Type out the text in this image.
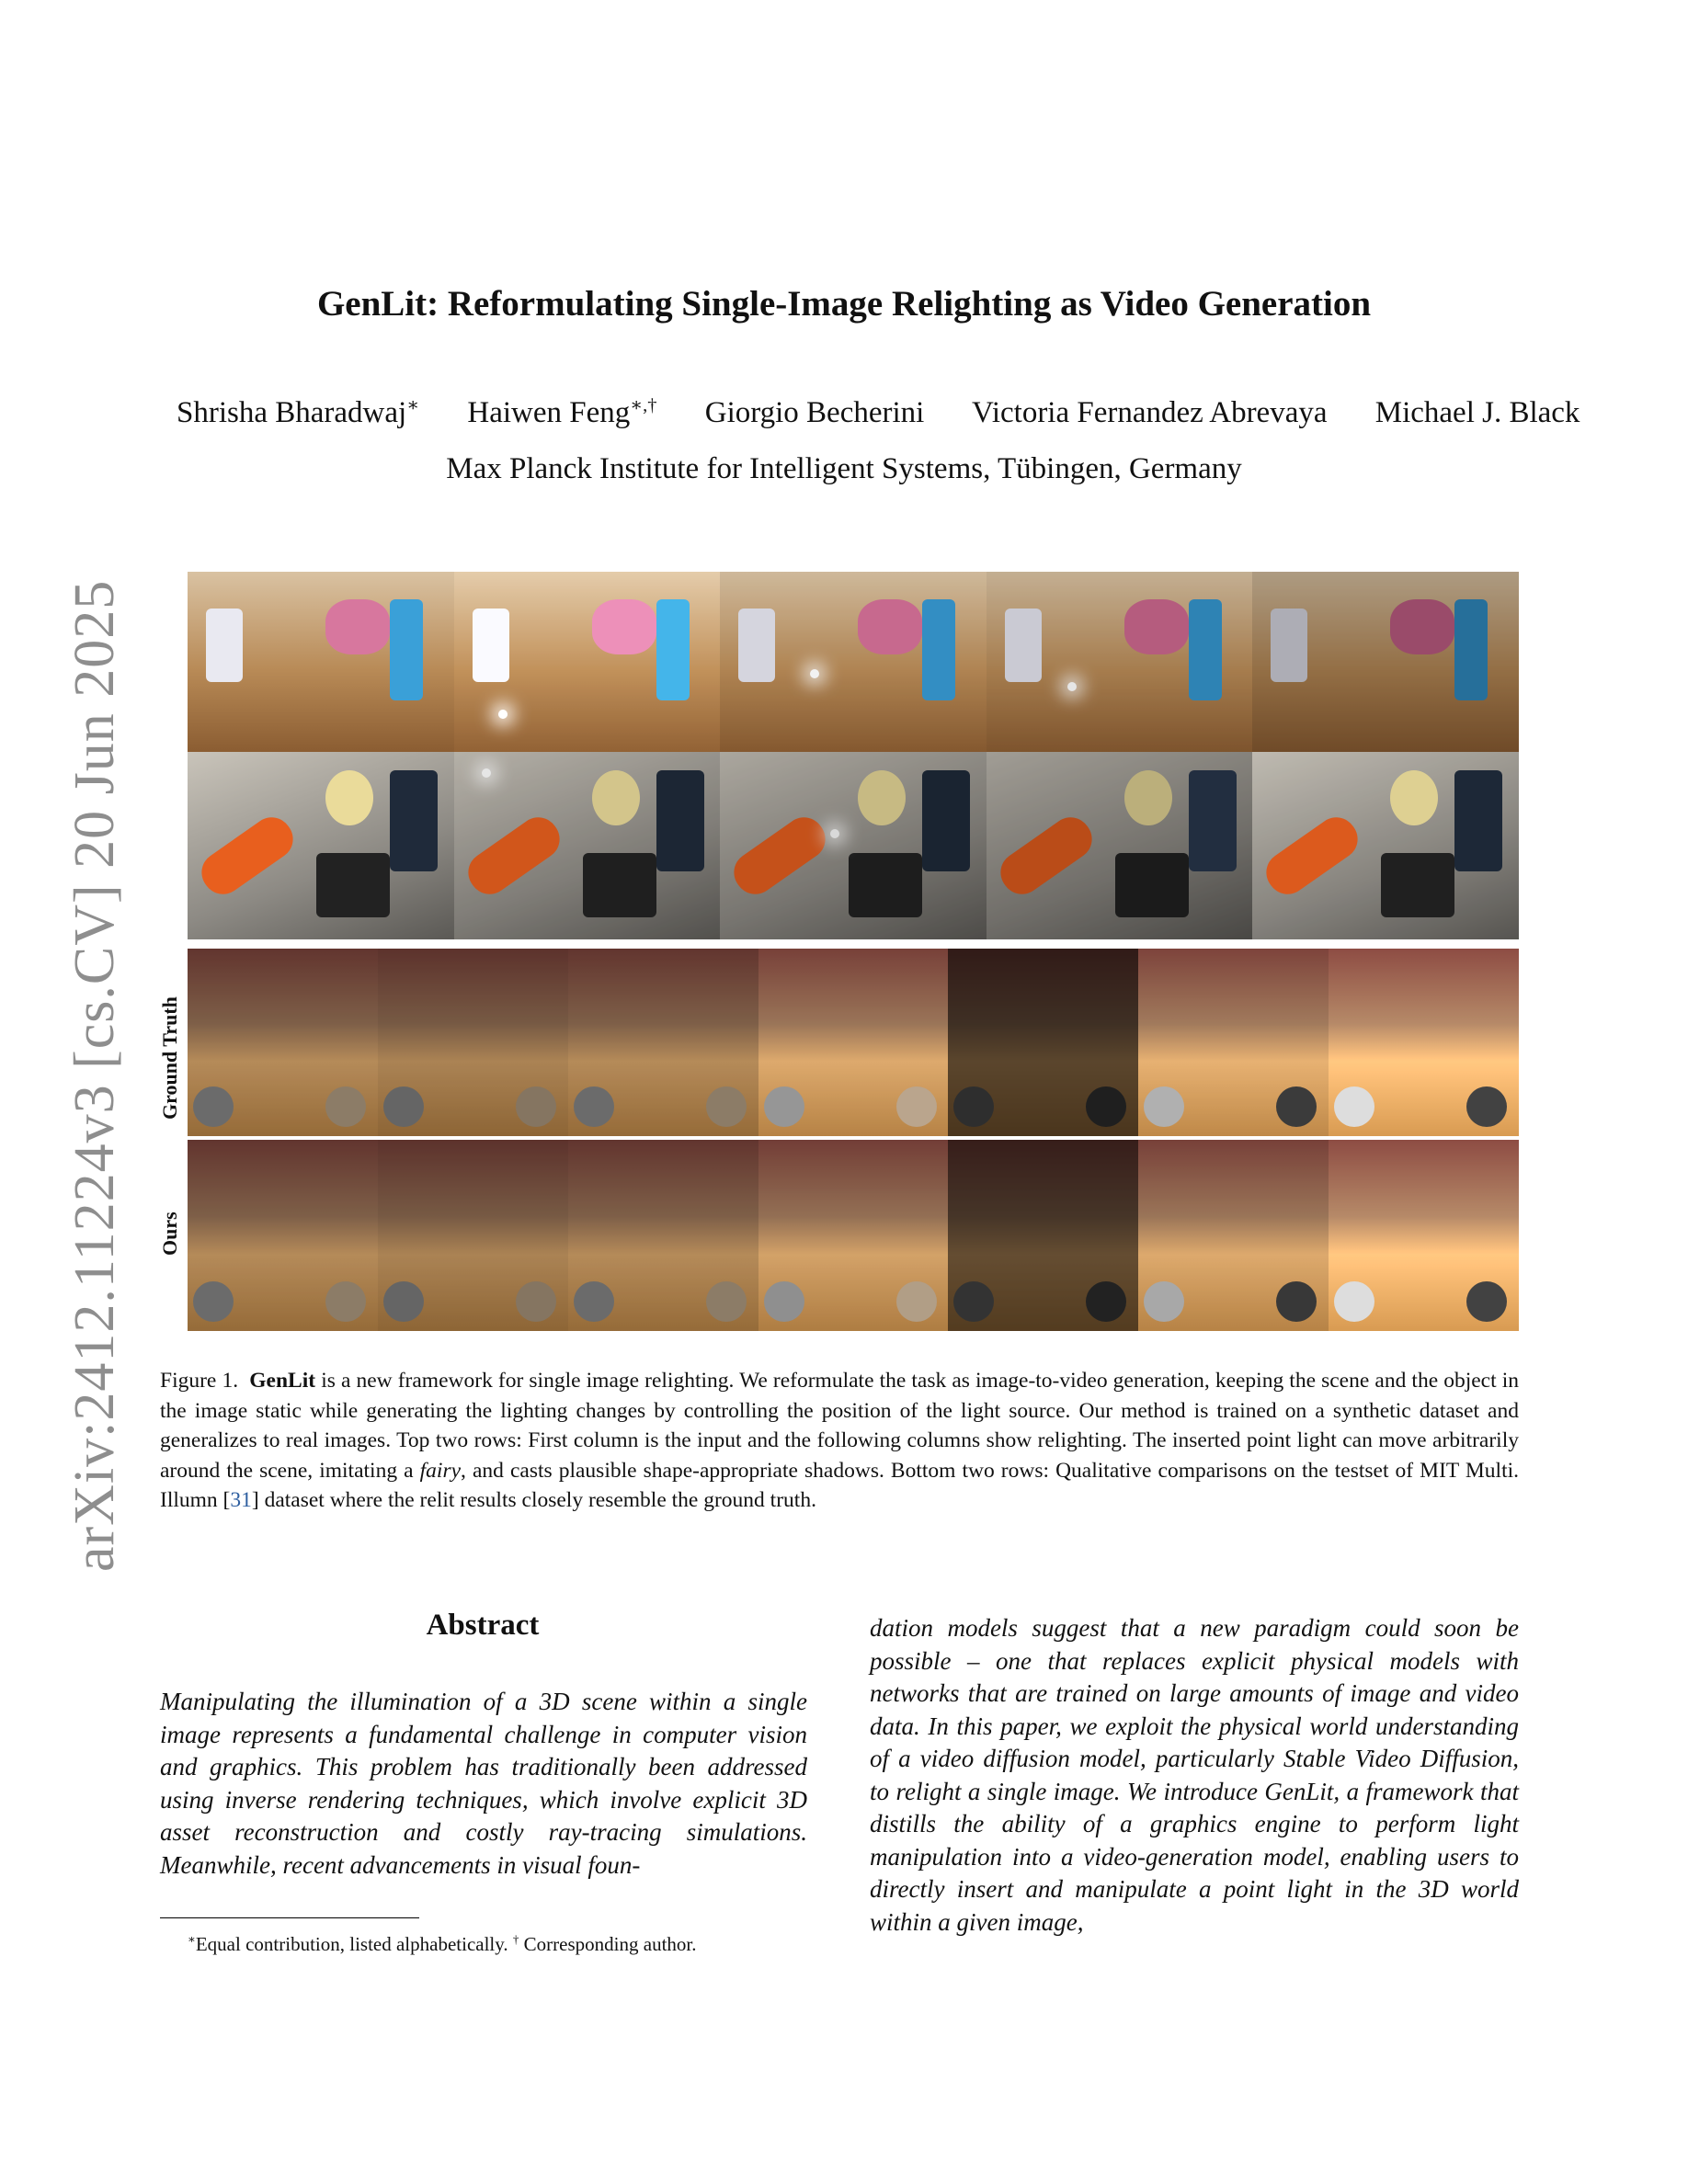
arXiv:2412.11224v3 [cs.CV] 20 Jun 2025
GenLit: Reformulating Single-Image Relighting as Video Generation
Shrisha Bharadwaj∗ Haiwen Feng∗,† Giorgio Becherini Victoria Fernandez Abrevaya Michael J. Black
Max Planck Institute for Intelligent Systems, Tübingen, Germany
Ground Truth
Ours
Figure 1. GenLit is a new framework for single image relighting. We reformulate the task as image-to-video generation, keeping the scene and the object in the image static while generating the lighting changes by controlling the position of the light source. Our method is trained on a synthetic dataset and generalizes to real images. Top two rows: First column is the input and the following columns show relighting. The inserted point light can move arbitrarily around the scene, imitating a fairy, and casts plausible shape-appropriate shadows. Bottom two rows: Qualitative comparisons on the testset of MIT Multi. Illumn [31] dataset where the relit results closely resemble the ground truth.
Abstract
Manipulating the illumination of a 3D scene within a single image represents a fundamental challenge in computer vision and graphics. This problem has traditionally been addressed using inverse rendering techniques, which involve explicit 3D asset reconstruction and costly ray-tracing simulations. Meanwhile, recent advancements in visual foun-
dation models suggest that a new paradigm could soon be possible – one that replaces explicit physical models with networks that are trained on large amounts of image and video data. In this paper, we exploit the physical world understanding of a video diffusion model, particularly Stable Video Diffusion, to relight a single image. We introduce GenLit, a framework that distills the ability of a graphics engine to perform light manipulation into a video-generation model, enabling users to directly insert and manipulate a point light in the 3D world within a given image,
∗Equal contribution, listed alphabetically. † Corresponding author.
